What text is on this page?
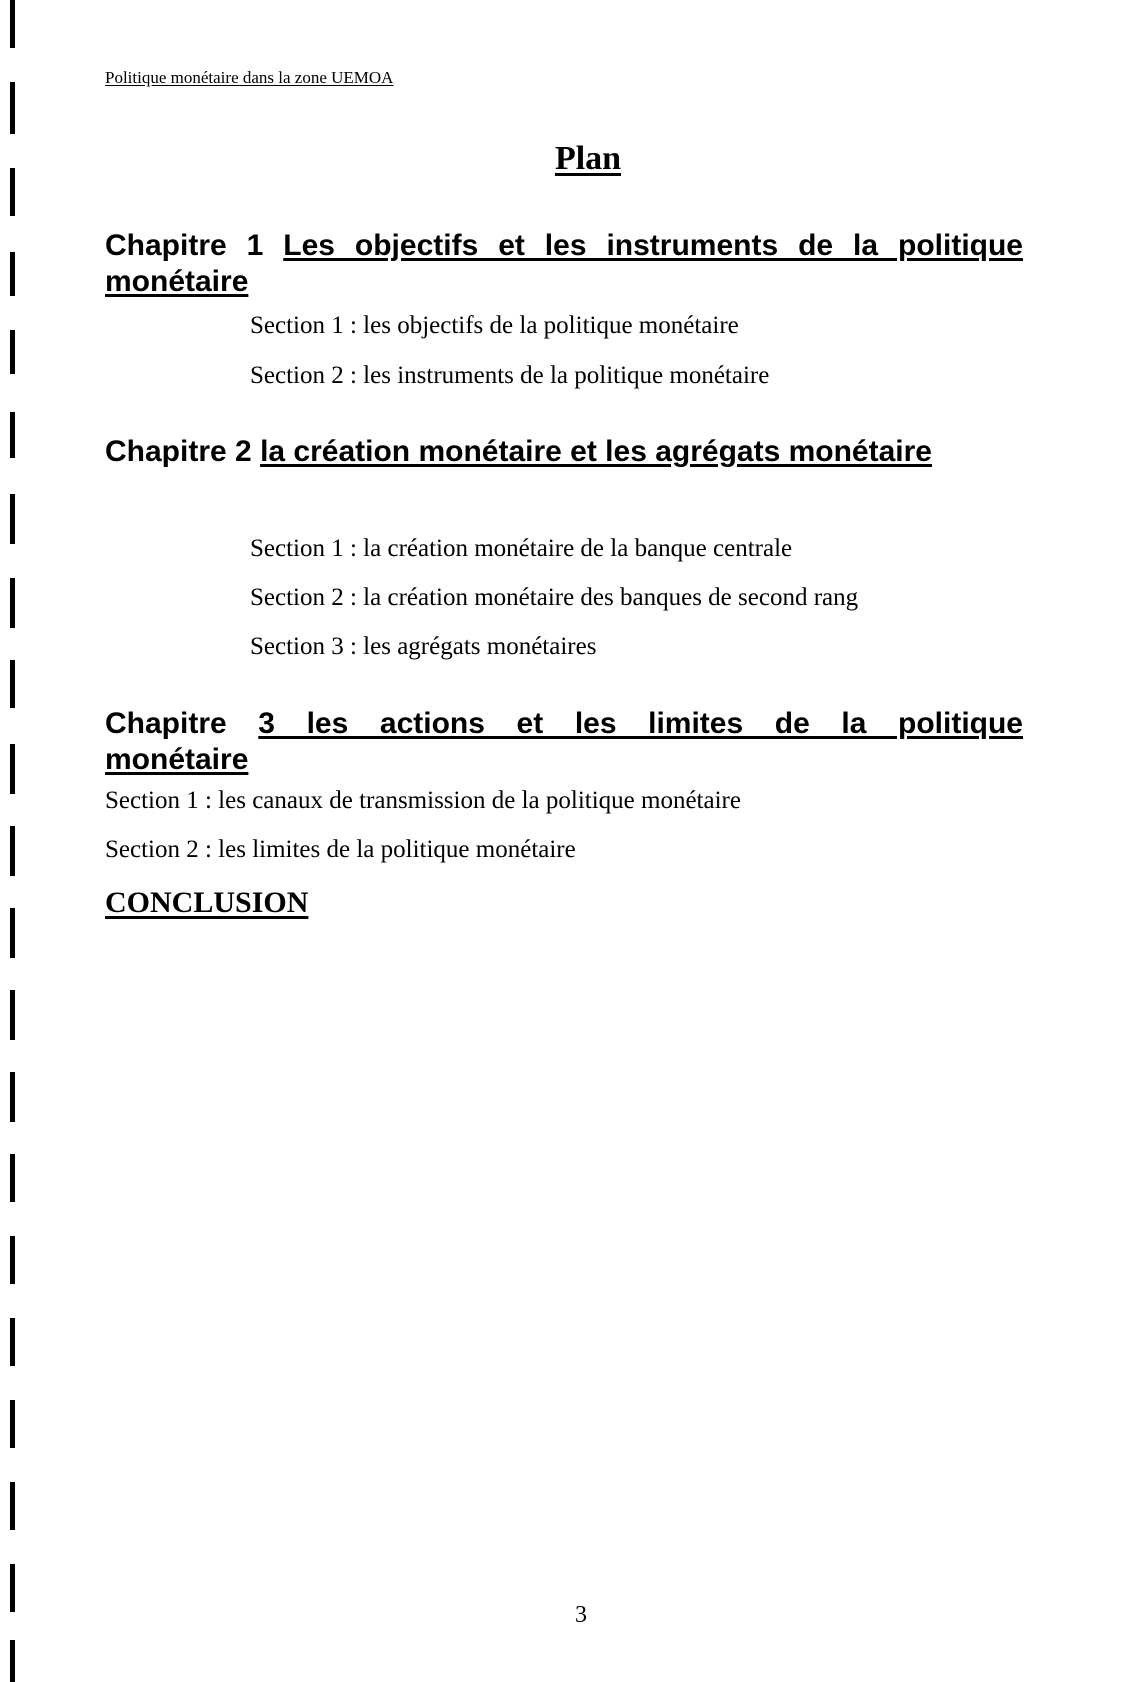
Politique monétaire dans la zone UEMOA
Plan
Chapitre 1 Les objectifs et les instruments de la politique monétaire
Section 1 : les objectifs de la politique monétaire
Section 2 : les instruments de la politique monétaire
Chapitre 2 la création monétaire et les agrégats monétaire
Section 1 : la création monétaire de la banque centrale
Section 2 : la création monétaire des banques de second rang
Section 3 : les agrégats monétaires
Chapitre 3 les actions et les limites de la politique monétaire
Section 1 : les canaux de transmission de la politique monétaire
Section 2 : les limites de la politique monétaire
CONCLUSION
3
